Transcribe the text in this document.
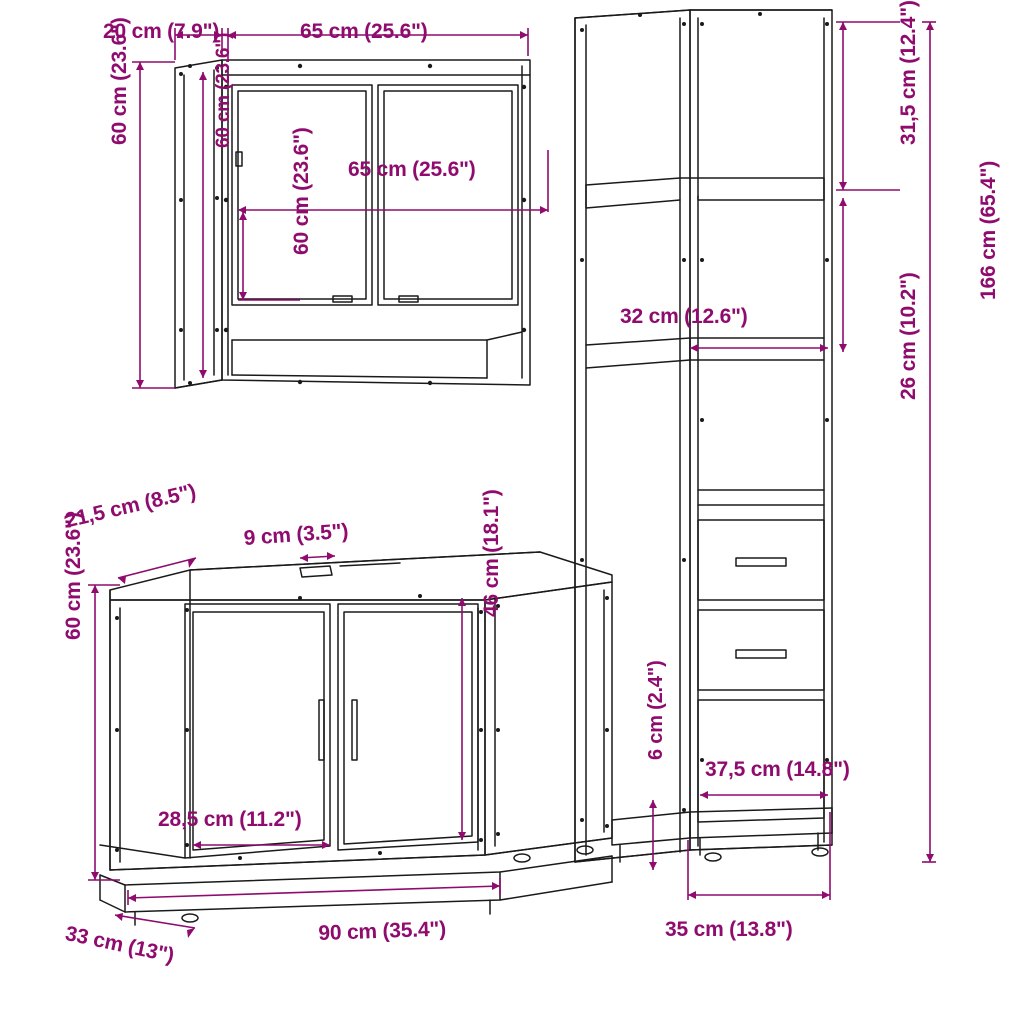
20 cm (7.9")	65 cm (25.6")
60 cm (23.6")	60 cm (23.6")
65 cm (25.6")
60 cm (23.6")
31,5 cm (12.4")
32 cm (12.6")	26 cm (10.2")
166 cm (65.4")
6 cm (2.4")
37,5 cm (14.8")
35 cm (13.8")
21,5 cm (8.5")
9 cm (3.5")
60 cm (23.6")	46 cm (18.1")
28,5 cm (11.2")
33 cm (13")	90 cm (35.4")
